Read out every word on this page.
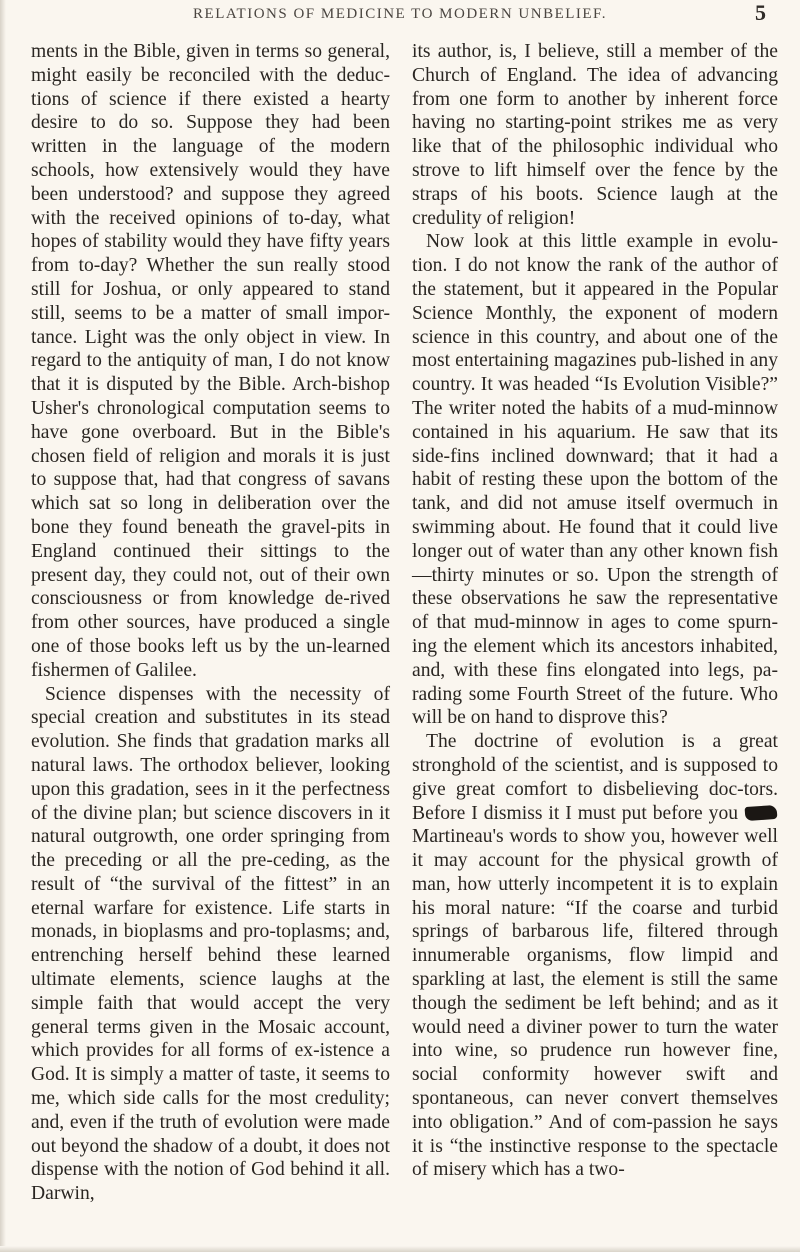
RELATIONS OF MEDICINE TO MODERN UNBELIEF.	5

ments in the Bible, given in terms so general, might easily be reconciled with the deduc-tions of science if there existed a hearty desire to do so. Suppose they had been written in the language of the modern schools, how extensively would they have been understood? and suppose they agreed with the received opinions of to-day, what hopes of stability would they have fifty years from to-day? Whether the sun really stood still for Joshua, or only appeared to stand still, seems to be a matter of small impor-tance. Light was the only object in view. In regard to the antiquity of man, I do not know that it is disputed by the Bible. Arch-bishop Usher's chronological computation seems to have gone overboard. But in the Bible's chosen field of religion and morals it is just to suppose that, had that congress of savans which sat so long in deliberation over the bone they found beneath the gravel-pits in England continued their sittings to the present day, they could not, out of their own consciousness or from knowledge de-rived from other sources, have produced a single one of those books left us by the un-learned fishermen of Galilee.

Science dispenses with the necessity of special creation and substitutes in its stead evolution. She finds that gradation marks all natural laws. The orthodox believer, looking upon this gradation, sees in it the perfectness of the divine plan; but science discovers in it natural outgrowth, one order springing from the preceding or all the pre-ceding, as the result of “the survival of the fittest” in an eternal warfare for existence. Life starts in monads, in bioplasms and pro-toplasms; and, entrenching herself behind these learned ultimate elements, science laughs at the simple faith that would accept the very general terms given in the Mosaic account, which provides for all forms of ex-istence a God. It is simply a matter of taste, it seems to me, which side calls for the most credulity; and, even if the truth of evolution were made out beyond the shadow of a doubt, it does not dispense with the notion of God behind it all. Darwin,

its author, is, I believe, still a member of the Church of England. The idea of advancing from one form to another by inherent force having no starting-point strikes me as very like that of the philosophic individual who strove to lift himself over the fence by the straps of his boots. Science laugh at the credulity of religion!

Now look at this little example in evolu-tion. I do not know the rank of the author of the statement, but it appeared in the Popular Science Monthly, the exponent of modern science in this country, and about one of the most entertaining magazines pub-lished in any country. It was headed “Is Evolution Visible?” The writer noted the habits of a mud-minnow contained in his aquarium. He saw that its side-fins inclined downward; that it had a habit of resting these upon the bottom of the tank, and did not amuse itself overmuch in swimming about. He found that it could live longer out of water than any other known fish—thirty minutes or so. Upon the strength of these observations he saw the representative of that mud-minnow in ages to come spurn-ing the element which its ancestors inhabited, and, with these fins elongated into legs, pa-rading some Fourth Street of the future. Who will be on hand to disprove this?

The doctrine of evolution is a great stronghold of the scientist, and is supposed to give great comfort to disbelieving doc-tors. Before I dismiss it I must put before you  Martineau's words to show you, however well it may account for the physical growth of man, how utterly incompetent it is to explain his moral nature: “If the coarse and turbid springs of barbarous life, filtered through innumerable organisms, flow limpid and sparkling at last, the element is still the same though the sediment be left behind; and as it would need a diviner power to turn the water into wine, so prudence run however fine, social conformity however swift and spontaneous, can never convert themselves into obligation.” And of com-passion he says it is “the instinctive response to the spectacle of misery which has a two-
